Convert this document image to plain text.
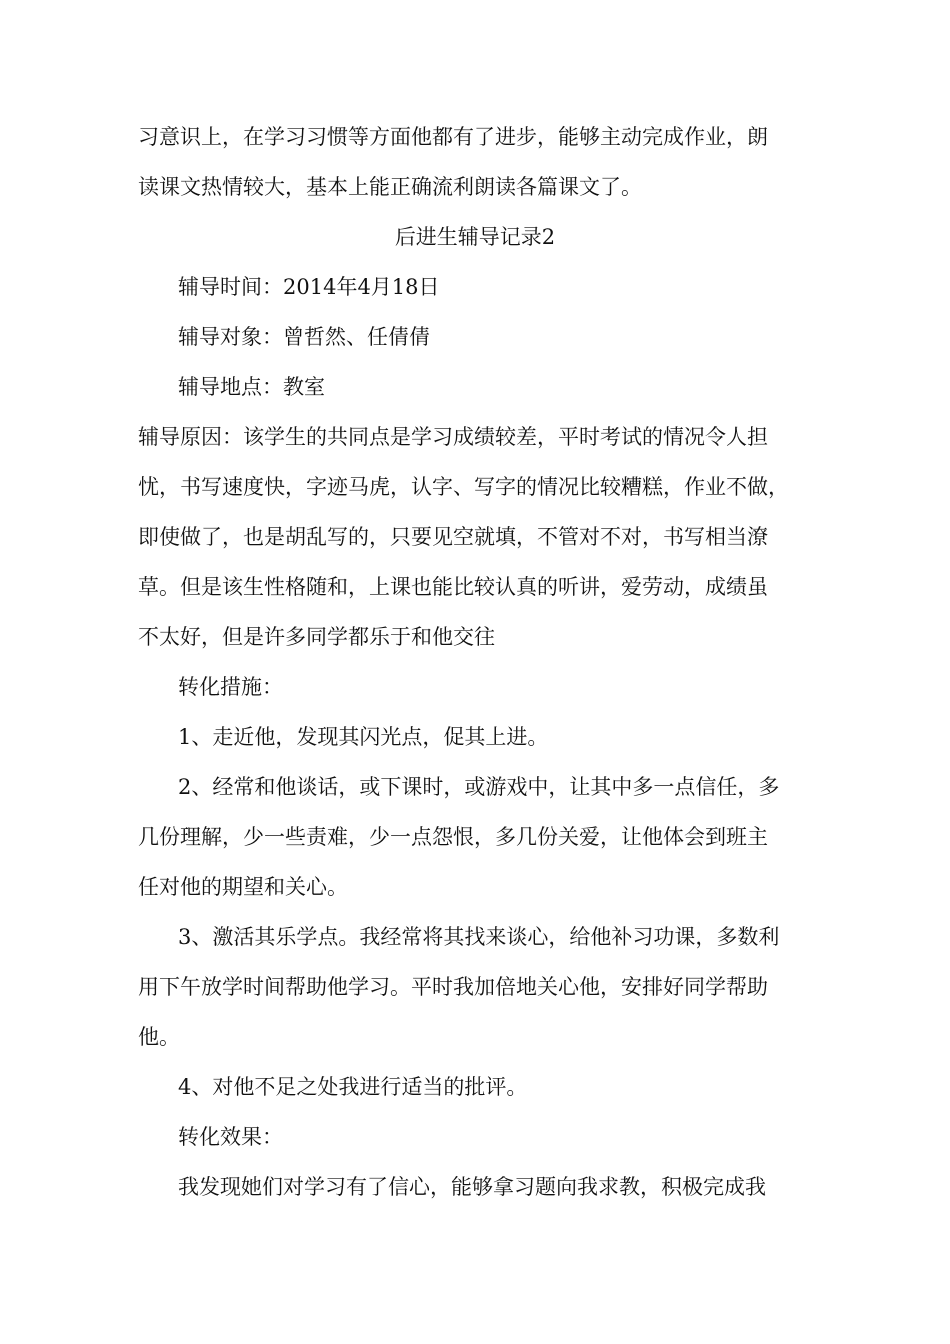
习意识上，在学习习惯等方面他都有了进步，能够主动完成作业，朗
读课文热情较大，基本上能正确流利朗读各篇课文了。
后进生辅导记录2
辅导时间：2014年4月18日
辅导对象：曾哲然、任倩倩
辅导地点：教室
辅导原因：该学生的共同点是学习成绩较差，平时考试的情况令人担
忧，书写速度快，字迹马虎，认字、写字的情况比较糟糕，作业不做，
即使做了，也是胡乱写的，只要见空就填，不管对不对，书写相当潦
草。但是该生性格随和，上课也能比较认真的听讲，爱劳动，成绩虽
不太好，但是许多同学都乐于和他交往
转化措施：
1、走近他，发现其闪光点，促其上进。
2、经常和他谈话，或下课时，或游戏中，让其中多一点信任，多
几份理解，少一些责难，少一点怨恨，多几份关爱，让他体会到班主
任对他的期望和关心。
3、激活其乐学点。我经常将其找来谈心，给他补习功课，多数利
用下午放学时间帮助他学习。平时我加倍地关心他，安排好同学帮助
他。
4、对他不足之处我进行适当的批评。
转化效果：
我发现她们对学习有了信心，能够拿习题向我求教，积极完成我
